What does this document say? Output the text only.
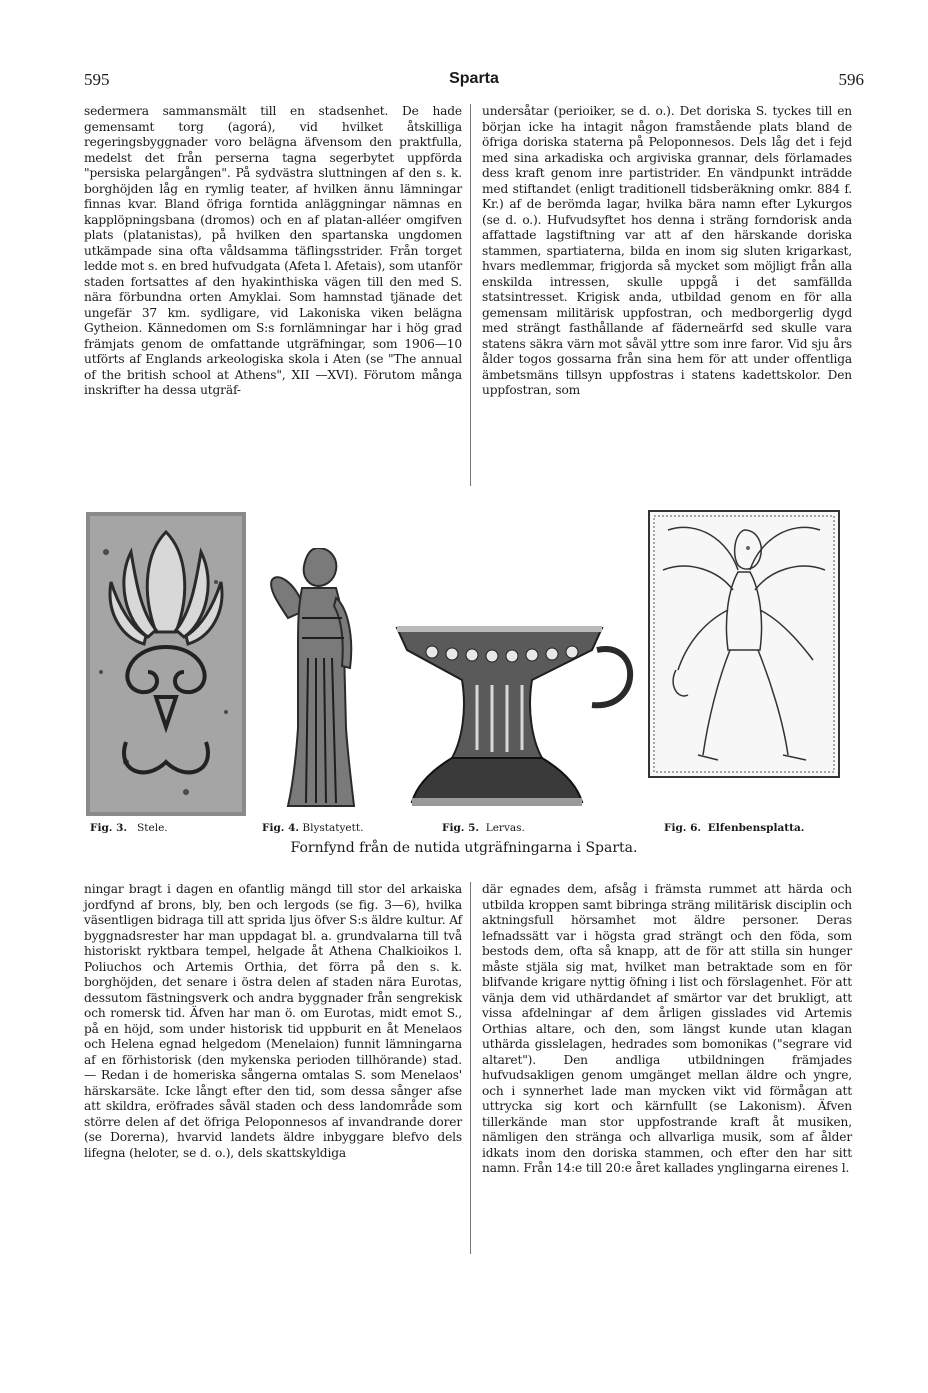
595	Sparta	596

sedermera sammansmält till en stadsenhet. De hade gemensamt torg (agorá), vid hvilket åtskilliga regeringsbyggnader voro belägna äfvensom den praktfulla, medelst det från perserna tagna segerbytet uppförda "persiska pelargången". På sydvästra sluttningen af den s. k. borghöjden låg en rymlig teater, af hvilken ännu lämningar finnas kvar. Bland öfriga forntida anläggningar nämnas en kapplöpningsbana (dromos) och en af platan-alléer omgifven plats (platanistas), på hvilken den spartanska ungdomen utkämpade sina ofta våldsamma täflingsstrider. Från torget ledde mot s. en bred hufvudgata (Afeta l. Afetais), som utanför staden fortsattes af den hyakinthiska vägen till den med S. nära förbundna orten Amyklai. Som hamnstad tjänade det ungefär 37 km. sydligare, vid Lakoniska viken belägna Gytheion. Kännedomen om S:s fornlämningar har i hög grad främjats genom de omfattande utgräfningar, som 1906—10 utförts af Englands arkeologiska skola i Aten (se "The annual of the british school at Athens", XII —XVI). Förutom många inskrifter ha dessa utgräf-

undersåtar (perioiker, se d. o.). Det doriska S. tyckes till en början icke ha intagit någon framstående plats bland de öfriga doriska staterna på Peloponnesos. Dels låg det i fejd med sina arkadiska och argiviska grannar, dels förlamades dess kraft genom inre partistrider. En vändpunkt inträdde med stiftandet (enligt traditionell tidsberäkning omkr. 884 f. Kr.) af de berömda lagar, hvilka bära namn efter Lykurgos (se d. o.). Hufvudsyftet hos denna i sträng forndorisk anda affattade lagstiftning var att af den härskande doriska stammen, spartiaterna, bilda en inom sig sluten krigarkast, hvars medlemmar, frigjorda så mycket som möjligt från alla enskilda intressen, skulle uppgå i det samfällda statsintresset. Krigisk anda, utbildad genom en för alla gemensam militärisk uppfostran, och medborgerlig dygd med strängt fasthållande af fäderneärfd sed skulle vara statens säkra värn mot såväl yttre som inre faror. Vid sju års ålder togos gossarna från sina hem för att under offentliga ämbetsmäns tillsyn uppfostras i statens kadettskolor. Den uppfostran, som

Fig. 3. Stele.	Fig. 4. Blystatyett.	Fig. 5. Lervas.	Fig. 6. Elfenbensplatta.
Fornfynd från de nutida utgräfningarna i Sparta.

ningar bragt i dagen en ofantlig mängd till stor del arkaiska jordfynd af brons, bly, ben och lergods (se fig. 3—6), hvilka väsentligen bidraga till att sprida ljus öfver S:s äldre kultur. Af byggnadsrester har man uppdagat bl. a. grundvalarna till två historiskt ryktbara tempel, helgade åt Athena Chalkioikos l. Poliuchos och Artemis Orthia, det förra på den s. k. borghöjden, det senare i östra delen af staden nära Eurotas, dessutom fästningsverk och andra byggnader från sengrekisk och romersk tid. Äfven har man ö. om Eurotas, midt emot S., på en höjd, som under historisk tid uppburit en åt Menelaos och Helena egnad helgedom (Menelaion) funnit lämningarna af en förhistorisk (den mykenska perioden tillhörande) stad. — Redan i de homeriska sångerna omtalas S. som Menelaos' härskarsäte. Icke långt efter den tid, som dessa sånger afse att skildra, eröfrades såväl staden och dess landområde som större delen af det öfriga Peloponnesos af invandrande dorer (se Dorerna), hvarvid landets äldre inbyggare blefvo dels lifegna (heloter, se d. o.), dels skattskyldiga

där egnades dem, afsåg i främsta rummet att härda och utbilda kroppen samt bibringa sträng militärisk disciplin och aktningsfull hörsamhet mot äldre personer. Deras lefnadssätt var i högsta grad strängt och den föda, som bestods dem, ofta så knapp, att de för att stilla sin hunger måste stjäla sig mat, hvilket man betraktade som en för blifvande krigare nyttig öfning i list och förslagenhet. För att vänja dem vid uthärdandet af smärtor var det brukligt, att vissa afdelningar af dem årligen gisslades vid Artemis Orthias altare, och den, som längst kunde utan klagan uthärda gisslelagen, hedrades som bomonikas ("segrare vid altaret"). Den andliga utbildningen främjades hufvudsakligen genom umgänget mellan äldre och yngre, och i synnerhet lade man mycken vikt vid förmågan att uttrycka sig kort och kärnfullt (se Lakonism). Äfven tillerkände man stor uppfostrande kraft åt musiken, nämligen den stränga och allvarliga musik, som af ålder idkats inom den doriska stammen, och efter den har sitt namn. Från 14:e till 20:e året kallades ynglingarna eirenes l.
